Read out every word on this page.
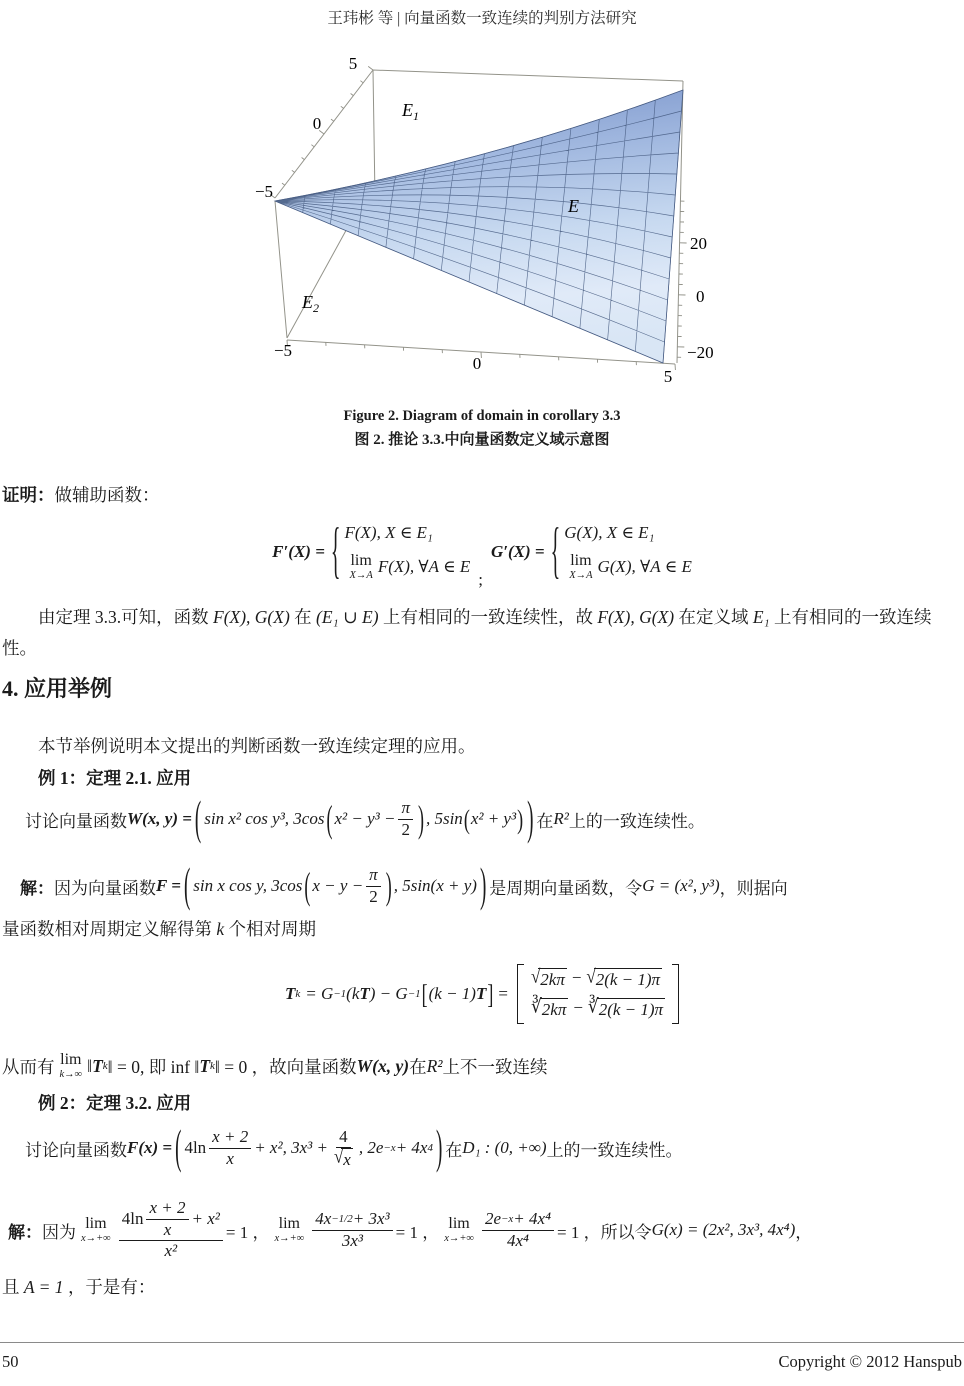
王玮彬 等 | 向量函数一致连续的判别方法研究
5
0
−5
−5
0
5
20
0
−20
$E_1$
E
$E_2$
Figure 2. Diagram of domain in corollary 3.3
图 2. 推论 3.3.中向量函数定义域示意图
证明：做辅助函数：
F′(X) = { F(X), X ∈ E₁
lim
X→A F(X), ∀A ∈ E
;
G′(X) = { G(X), X ∈ E₁
lim
X→A G(X), ∀A ∈ E
由定理 3.3.可知，函数 F(X), G(X) 在 (E₁ ∪ E) 上有相同的一致连续性，故 F(X), G(X) 在定义域 E₁ 上有相同的一致连续性。
4. 应用举例
本节举例说明本文提出的判断函数一致连续定理的应用。
例 1：定理 2.1. 应用
讨论向量函数 W(x, y) = ( sin x² cos y³, 3cos ( $x^2 - y^3 - \frac{\pi}{2}$ ) , 5sin ( x² + y³ ) ) 在 R² 上的一致连续性。
解： 因为向量函数 F = ( sin x cos y, 3cos ( $x - y - \frac{\pi}{2}$ ) , 5sin(x + y) ) 是周期向量函数，令 G = (x², y³) ，则据向
量函数相对周期定义解得第 k 个相对周期
T k = G −1 (k T ) − G −1 [ (k − 1) T ] =
√ 2kπ − √ 2(k − 1)π
∛ 2kπ − ∛ 2(k − 1)π
从而有 lim
k→∞ ‖ T k ‖ = 0, 即 inf ‖ T k ‖ = 0 ，故向量函数 W(x, y) 在 R² 上不一致连续
例 2：定理 3.2. 应用
讨论向量函数 F(x) = ( $4\ln \frac{x + 2}{x} + x^2$, $3x^3 + \frac{4}{√ x}$ , 2e −x + 4x 4 ) 在 D₁ : (0, +∞) 上的一致连续性。
解： 因为 lim
$x\to+\infty \frac{4\ln \frac{x + 2}{x} + x^2}{\text{x²}} = 1$ ， lim
$x\to+\infty \frac{\text{4x −1/2 + 3x³}}{\text{3x³}} = 1$ ， lim
$x\to+\infty \frac{\text{2e −x + 4x⁴}}{\text{4x⁴}} = 1$ ， 所以令 G(x) = (2x², 3x³, 4x⁴) ，
且 A = 1 ，于是有：
50	Copyright © 2012 Hanspub
